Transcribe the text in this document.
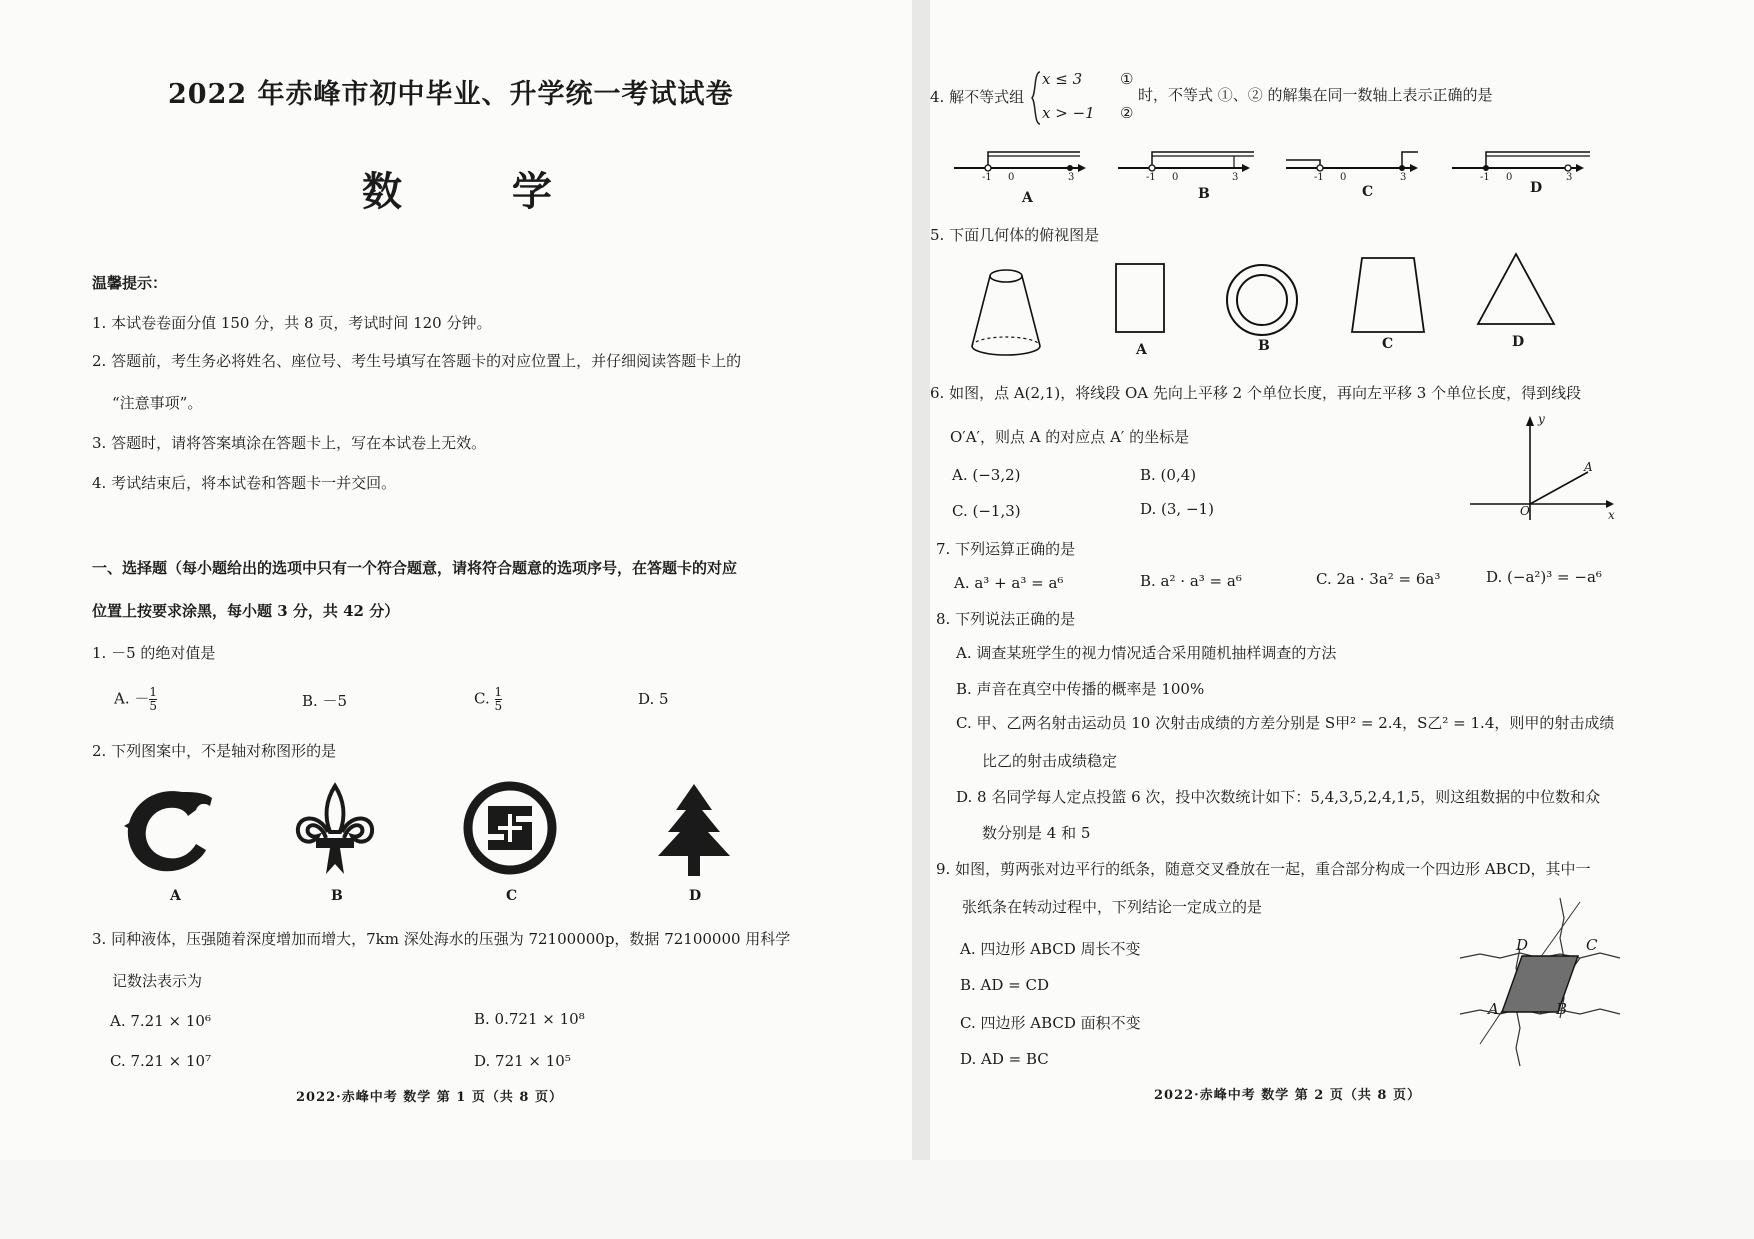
2022 年赤峰市初中毕业、升学统一考试试卷
数 学
温馨提示：
1. 本试卷卷面分值 150 分，共 8 页，考试时间 120 分钟。
2. 答题前，考生务必将姓名、座位号、考生号填写在答题卡的对应位置上，并仔细阅读答题卡上的
“注意事项”。
3. 答题时，请将答案填涂在答题卡上，写在本试卷上无效。
4. 考试结束后，将本试卷和答题卡一并交回。
一、选择题（每小题给出的选项中只有一个符合题意，请将符合题意的选项序号，在答题卡的对应
位置上按要求涂黑，每小题 3 分，共 42 分）
1. －5 的绝对值是
A. － $\frac{1}{5}$	B. －5	C. $\frac{1}{5}$	D. 5
2. 下列图案中，不是轴对称图形的是
A	B	C	D
3. 同种液体，压强随着深度增加而增大，7km 深处海水的压强为 72100000p，数据 72100000 用科学
记数法表示为
A. 7.21 × 10⁶	B. 0.721 × 10⁸
C. 7.21 × 10⁷	D. 721 × 10⁵
2022·赤峰中考 数学 第 1 页（共 8 页）
4. 解不等式组
x ≤ 3
x > −1
①
②
时，不等式 ①、② 的解集在同一数轴上表示正确的是
-1 0	3	-1 0	3	-1 0	3	-1 0	3
A	B	C	D
5. 下面几何体的俯视图是
A	B	C	D
6. 如图，点 A(2,1)，将线段 OA 先向上平移 2 个单位长度，再向左平移 3 个单位长度，得到线段
O′A′，则点 A 的对应点 A′ 的坐标是
A. (−3,2)	B. (0,4)
C. (−1,3)	D. (3, −1)
y
x
O
A
7. 下列运算正确的是
A. a³ + a³ = a⁶	B. a² · a³ = a⁶	C. 2a · 3a² = 6a³	D. (−a²)³ = −a⁶
8. 下列说法正确的是
A. 调查某班学生的视力情况适合采用随机抽样调查的方法
B. 声音在真空中传播的概率是 100%
C. 甲、乙两名射击运动员 10 次射击成绩的方差分别是 S甲² = 2.4，S乙² = 1.4，则甲的射击成绩
比乙的射击成绩稳定
D. 8 名同学每人定点投篮 6 次，投中次数统计如下：5,4,3,5,2,4,1,5，则这组数据的中位数和众
数分别是 4 和 5
9. 如图，剪两张对边平行的纸条，随意交叉叠放在一起，重合部分构成一个四边形 ABCD，其中一
张纸条在转动过程中，下列结论一定成立的是
A. 四边形 ABCD 周长不变
B. AD = CD
C. 四边形 ABCD 面积不变
D. AD = BC
D	C
A	B
2022·赤峰中考 数学 第 2 页（共 8 页）
